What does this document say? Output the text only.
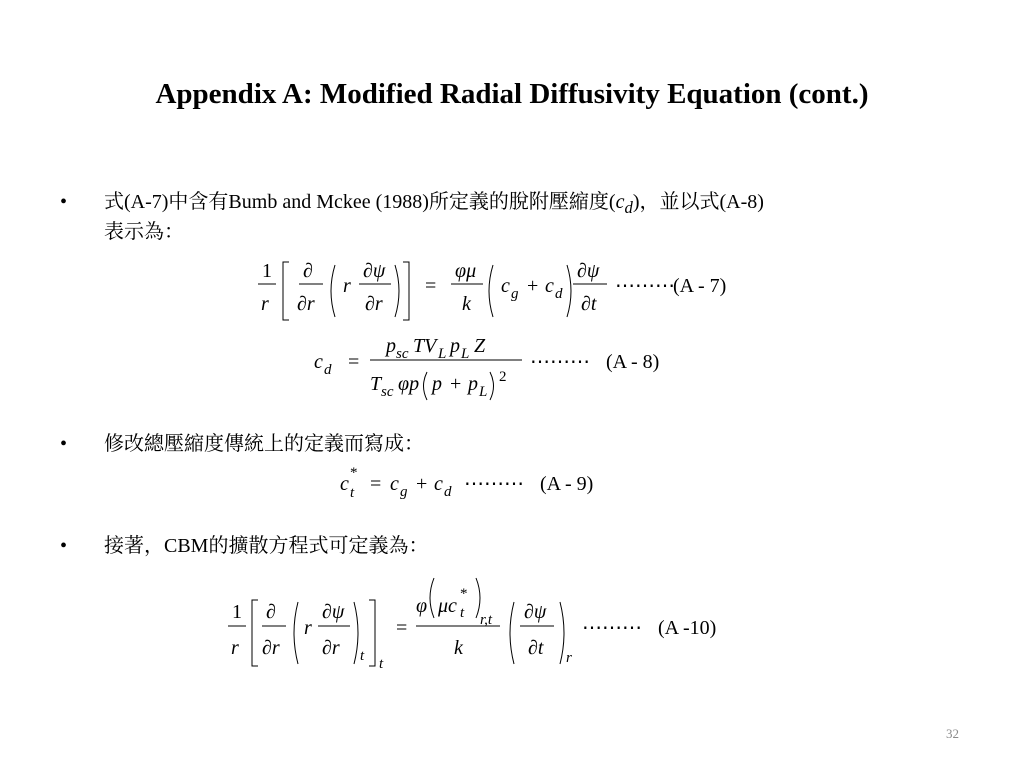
Appendix A: Modified Radial Diffusivity Equation (cont.)
• 式(A-7)中含有Bumb and Mckee (1988)所定義的脫附壓縮度$(c_d)$，並以式(A-8)
表示為：
1
r
∂
∂r
r
∂ψ
∂r
=
φμ
k
c g + c d
∂ψ
∂t
⋯⋯⋯
(A - 7)
c d =
p sc TV L p L Z
T sc φp p + p L
2
⋯⋯⋯ (A - 8)
• 修改總壓縮度傳統上的定義而寫成：
c *
t = c g + c d ⋯⋯⋯ (A - 9)
• 接著，CBM的擴散方程式可定義為：
1
r
∂
∂r
r
∂ψ
∂r t t
=
φ μc
*
t r,t
k
∂ψ
∂t r
⋯⋯⋯ (A -10)
32
